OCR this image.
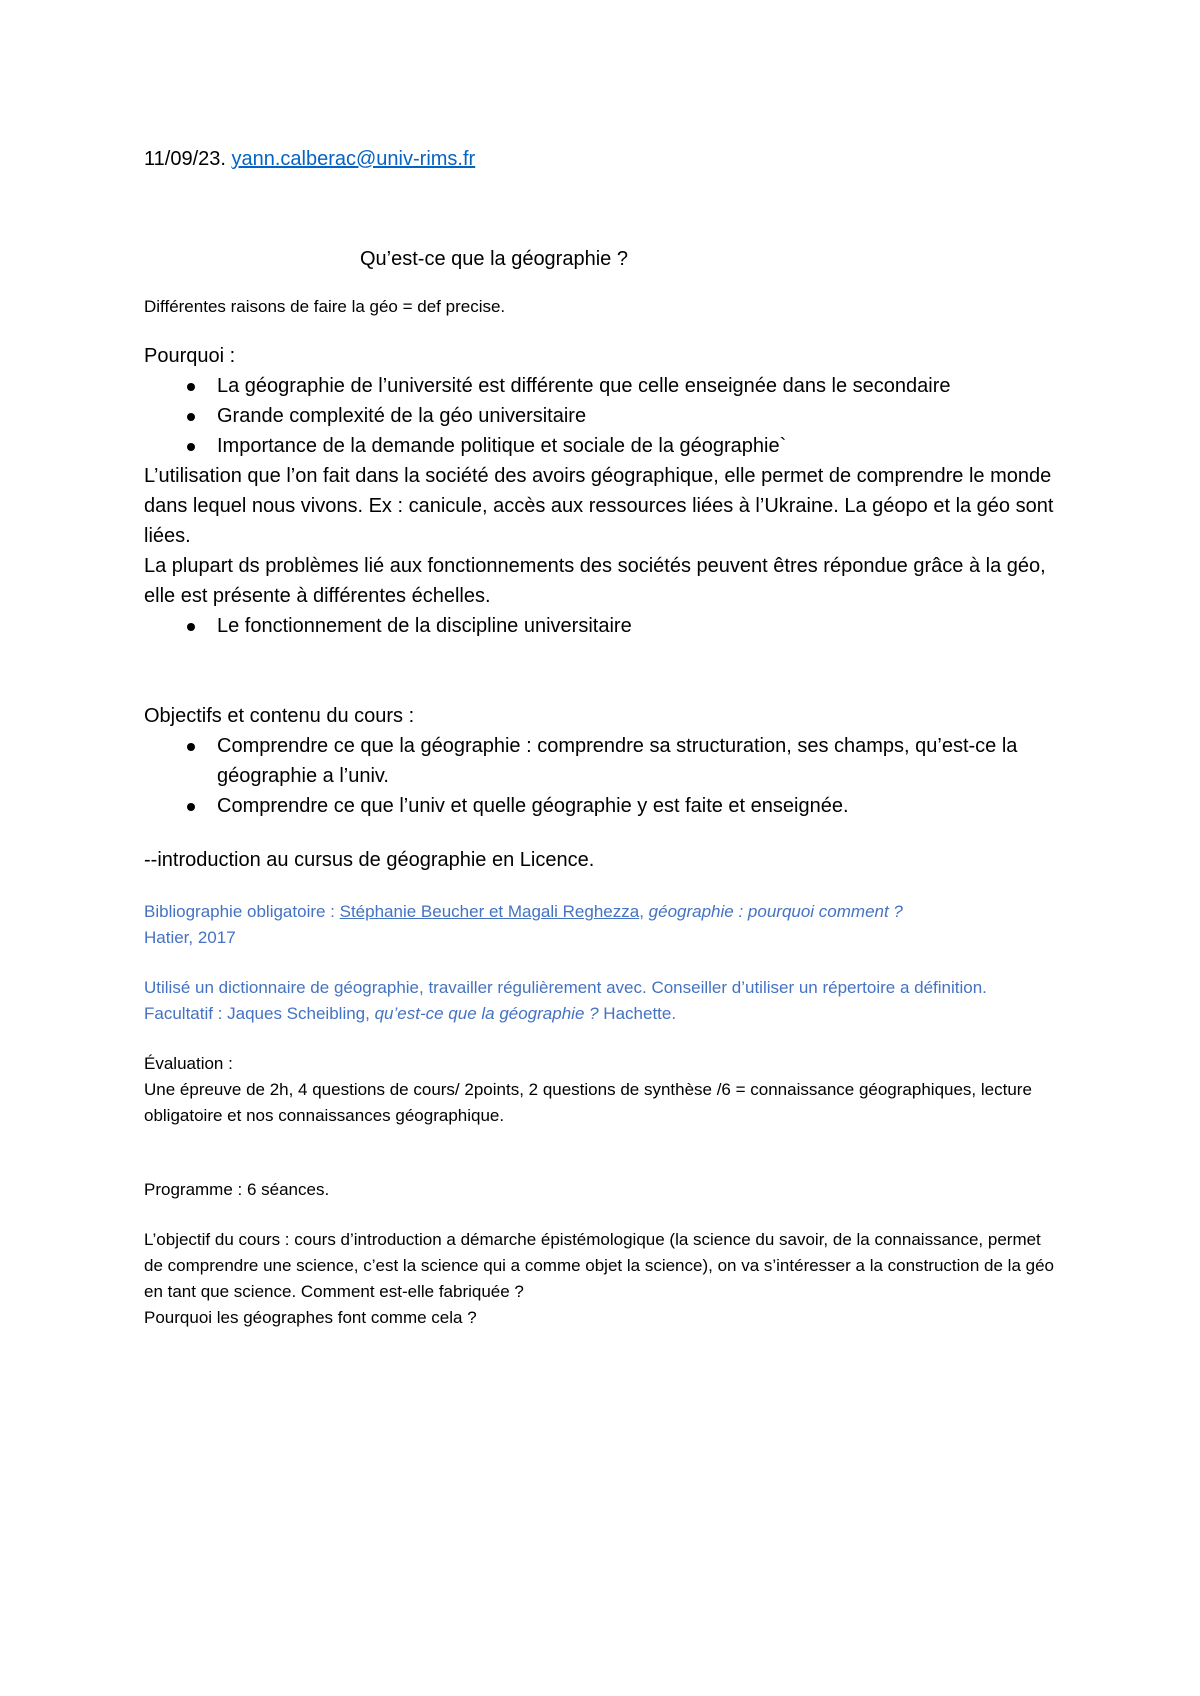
11/09/23. yann.calberac@univ-rims.fr

Qu’est-ce que la géographie ?

Différentes raisons de faire la géo = def precise.

Pourquoi :

La géographie de l’université est différente que celle enseignée dans le secondaire
Grande complexité de la géo universitaire
Importance de la demande politique et sociale de la géographie`

L’utilisation que l’on fait dans la société des avoirs géographique, elle permet de comprendre le monde dans lequel nous vivons. Ex : canicule, accès aux ressources liées à l’Ukraine. La géopo et la géo sont liées.

La plupart ds problèmes lié aux fonctionnements des sociétés peuvent êtres répondue grâce à la géo, elle est présente à différentes échelles.

Le fonctionnement de la discipline universitaire

Objectifs et contenu du cours :

Comprendre ce que la géographie : comprendre sa structuration, ses champs, qu’est-ce la géographie a l’univ.
Comprendre ce que l’univ et quelle géographie y est faite et enseignée.

--introduction au cursus de géographie en Licence.

Bibliographie obligatoire : Stéphanie Beucher et Magali Reghezza, géographie : pourquoi comment ?
Hatier, 2017

Utilisé un dictionnaire de géographie, travailler régulièrement avec. Conseiller d’utiliser un répertoire a définition.

Facultatif : Jaques Scheibling, qu’est-ce que la géographie ? Hachette.

Évaluation :

Une épreuve de 2h, 4 questions de cours/ 2points, 2 questions de synthèse /6 = connaissance géographiques, lecture obligatoire et nos connaissances géographique.

Programme : 6 séances.

L’objectif du cours : cours d’introduction a démarche épistémologique (la science du savoir, de la connaissance, permet de comprendre une science, c’est la science qui a comme objet la science), on va s’intéresser a la construction de la géo en tant que science. Comment est-elle fabriquée ?

Pourquoi les géographes font comme cela ?
